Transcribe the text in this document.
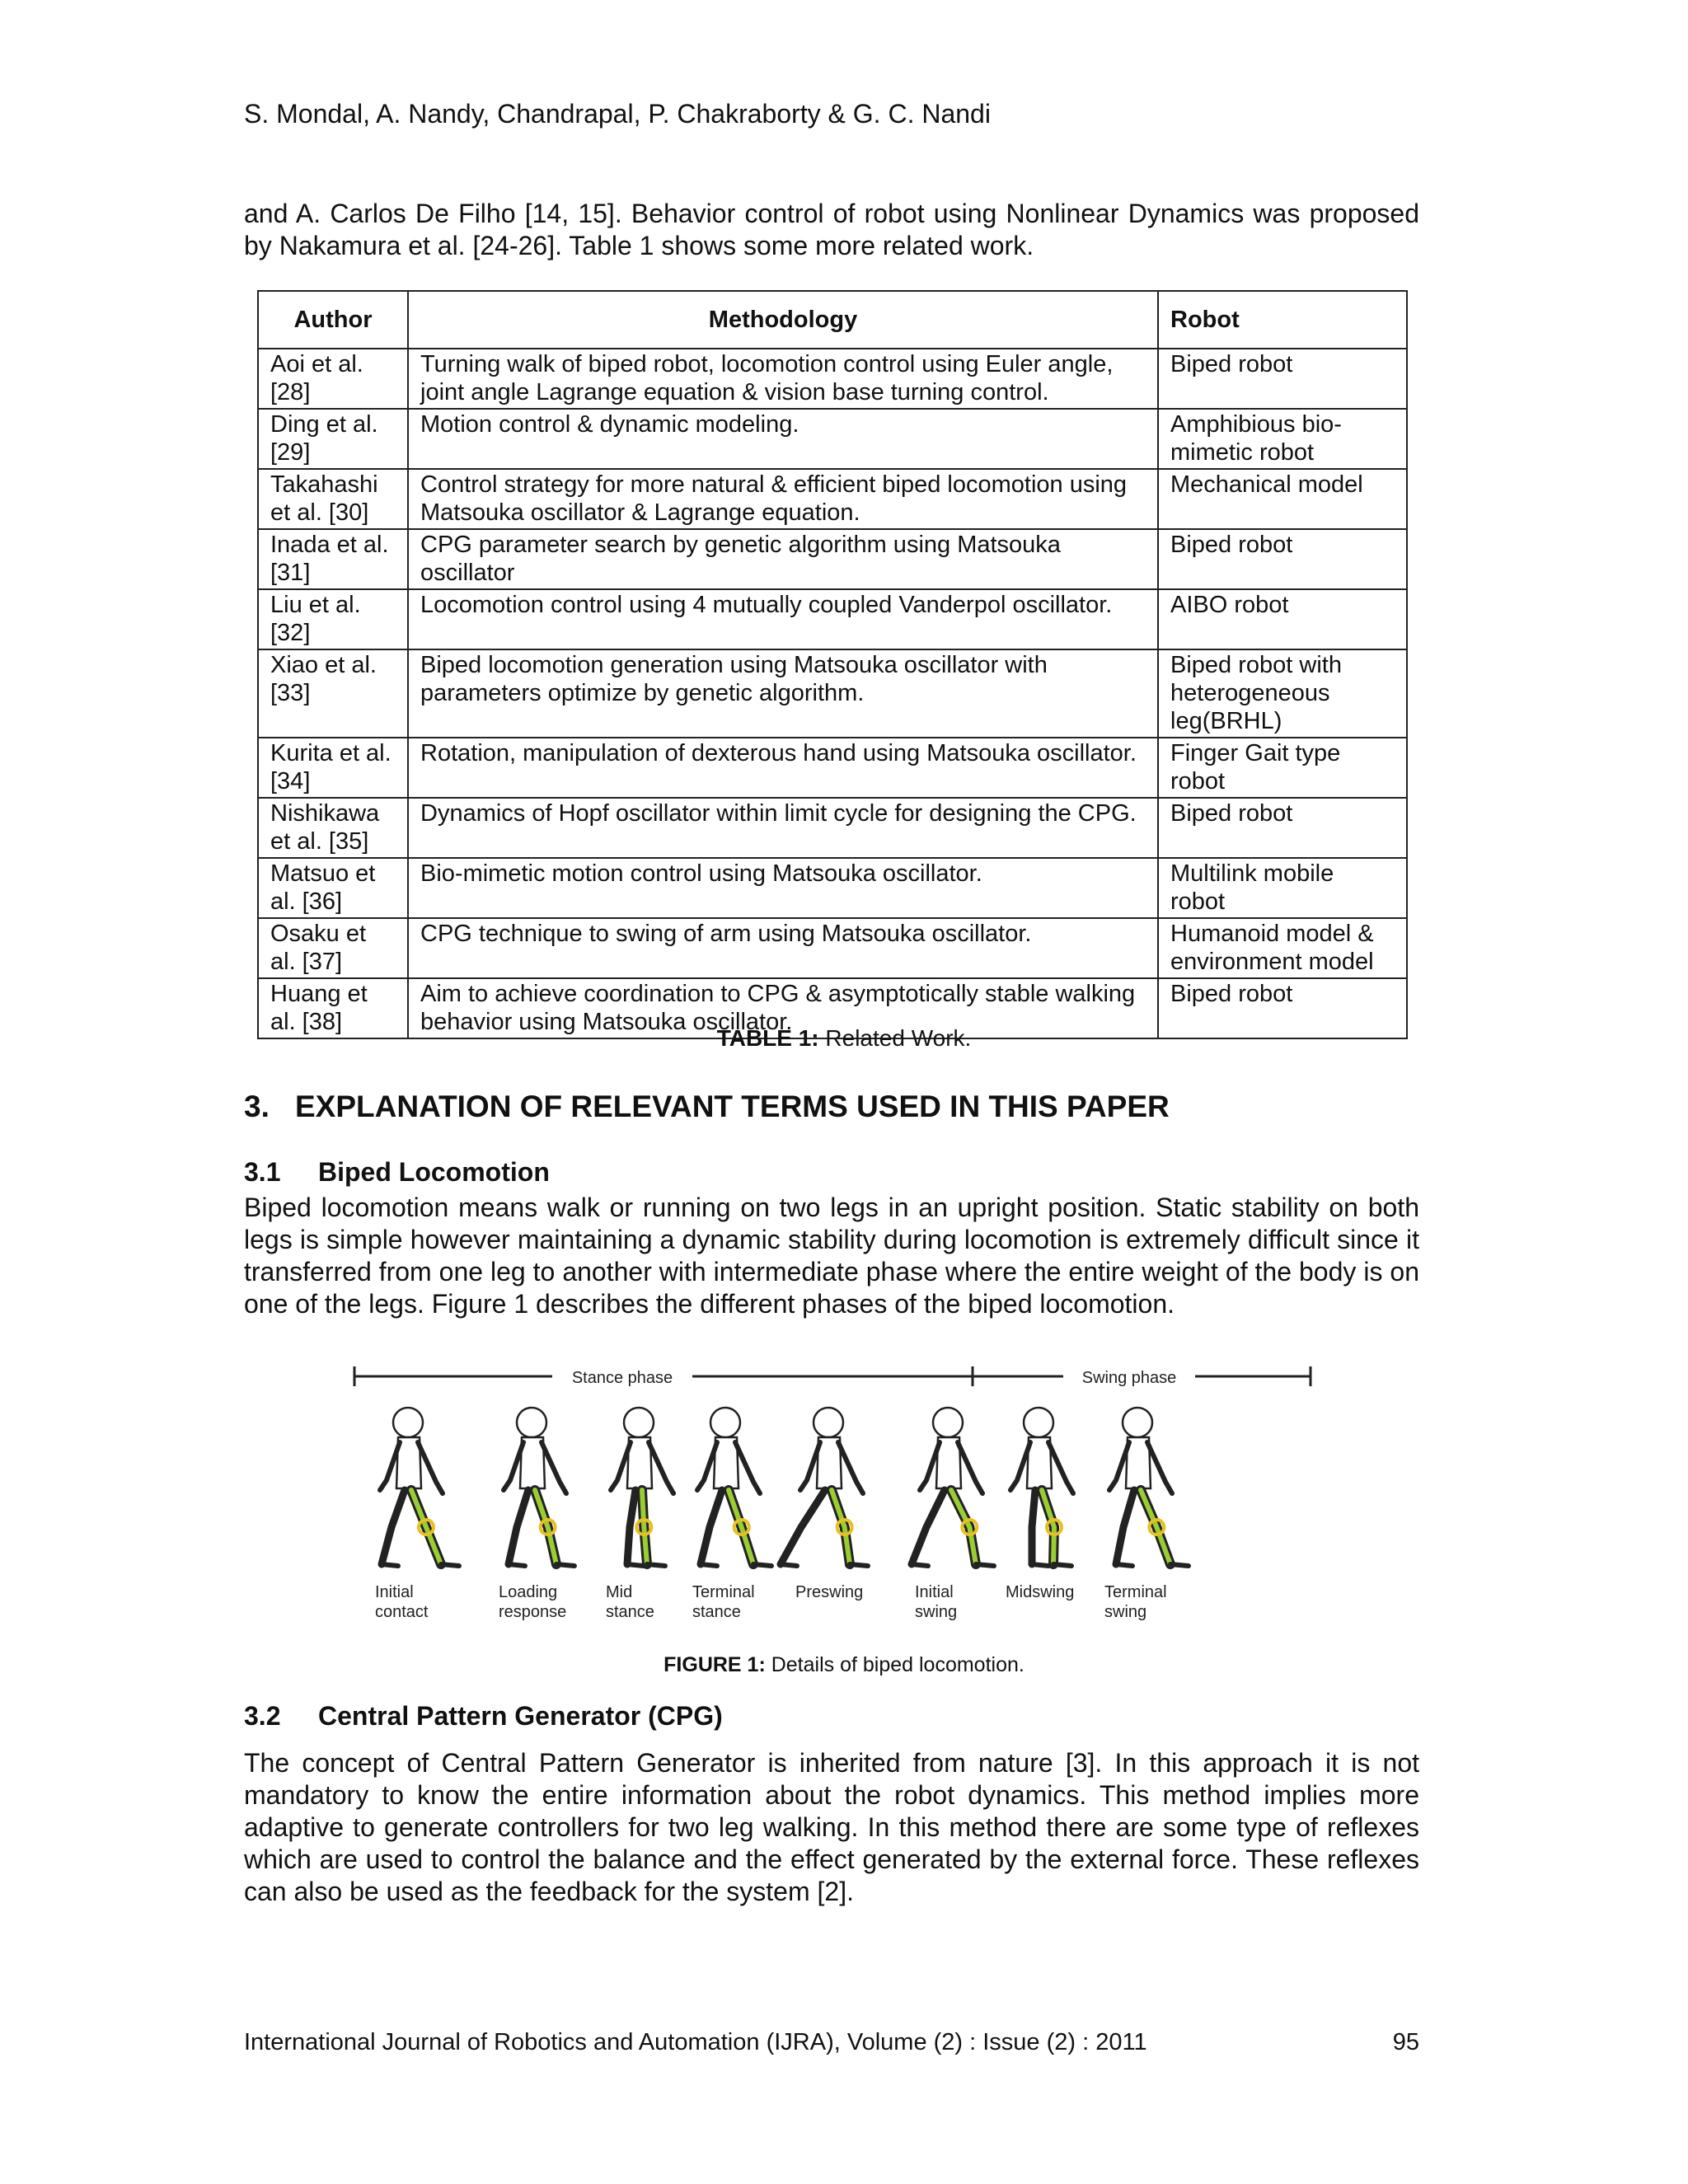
S. Mondal, A. Nandy, Chandrapal, P. Chakraborty & G. C. Nandi

and A. Carlos De Filho [14, 15]. Behavior control of robot using Nonlinear Dynamics was proposed by Nakamura et al. [24-26]. Table 1 shows some more related work.

Author	Methodology	Robot
Aoi et al. [28]	Turning walk of biped robot, locomotion control using Euler angle, joint angle Lagrange equation & vision base turning control.	Biped robot
Ding et al.[29]	Motion control & dynamic modeling.	Amphibious bio-mimetic robot
Takahashi et al. [30]	Control strategy for more natural & efficient biped locomotion using Matsouka oscillator & Lagrange equation.	Mechanical model
Inada et al. [31]	CPG parameter search by genetic algorithm using Matsouka oscillator	Biped robot
Liu et al. [32]	Locomotion control using 4 mutually coupled Vanderpol oscillator.	AIBO robot
Xiao et al. [33]	Biped locomotion generation using Matsouka oscillator with parameters optimize by genetic algorithm.	Biped robot with heterogeneous leg(BRHL)
Kurita et al. [34]	Rotation, manipulation of dexterous hand using Matsouka oscillator.	Finger Gait type robot
Nishikawa et al. [35]	Dynamics of Hopf oscillator within limit cycle for designing the CPG.	Biped robot
Matsuo et al. [36]	Bio-mimetic motion control using Matsouka oscillator.	Multilink mobile robot
Osaku et al. [37]	CPG technique to swing of arm using Matsouka oscillator.	Humanoid model & environment model
Huang et al. [38]	Aim to achieve coordination to CPG & asymptotically stable walking behavior using Matsouka oscillator.	Biped robot
TABLE 1: Related Work.
3. EXPLANATION OF RELEVANT TERMS USED IN THIS PAPER
3.1 Biped Locomotion

Biped locomotion means walk or running on two legs in an upright position. Static stability on both legs is simple however maintaining a dynamic stability during locomotion is extremely difficult since it transferred from one leg to another with intermediate phase where the entire weight of the body is on one of the legs. Figure 1 describes the different phases of the biped locomotion.

Stance phase	Swing phase
Initial
contact
Loading
response
Mid
stance
Terminal
stance
Preswing	Initial
swing
Midswing Terminal
swing
FIGURE 1: Details of biped locomotion.
3.2 Central Pattern Generator (CPG)

The concept of Central Pattern Generator is inherited from nature [3]. In this approach it is not mandatory to know the entire information about the robot dynamics. This method implies more adaptive to generate controllers for two leg walking. In this method there are some type of reflexes which are used to control the balance and the effect generated by the external force. These reflexes can also be used as the feedback for the system [2].

International Journal of Robotics and Automation (IJRA), Volume (2) : Issue (2) : 2011	95
